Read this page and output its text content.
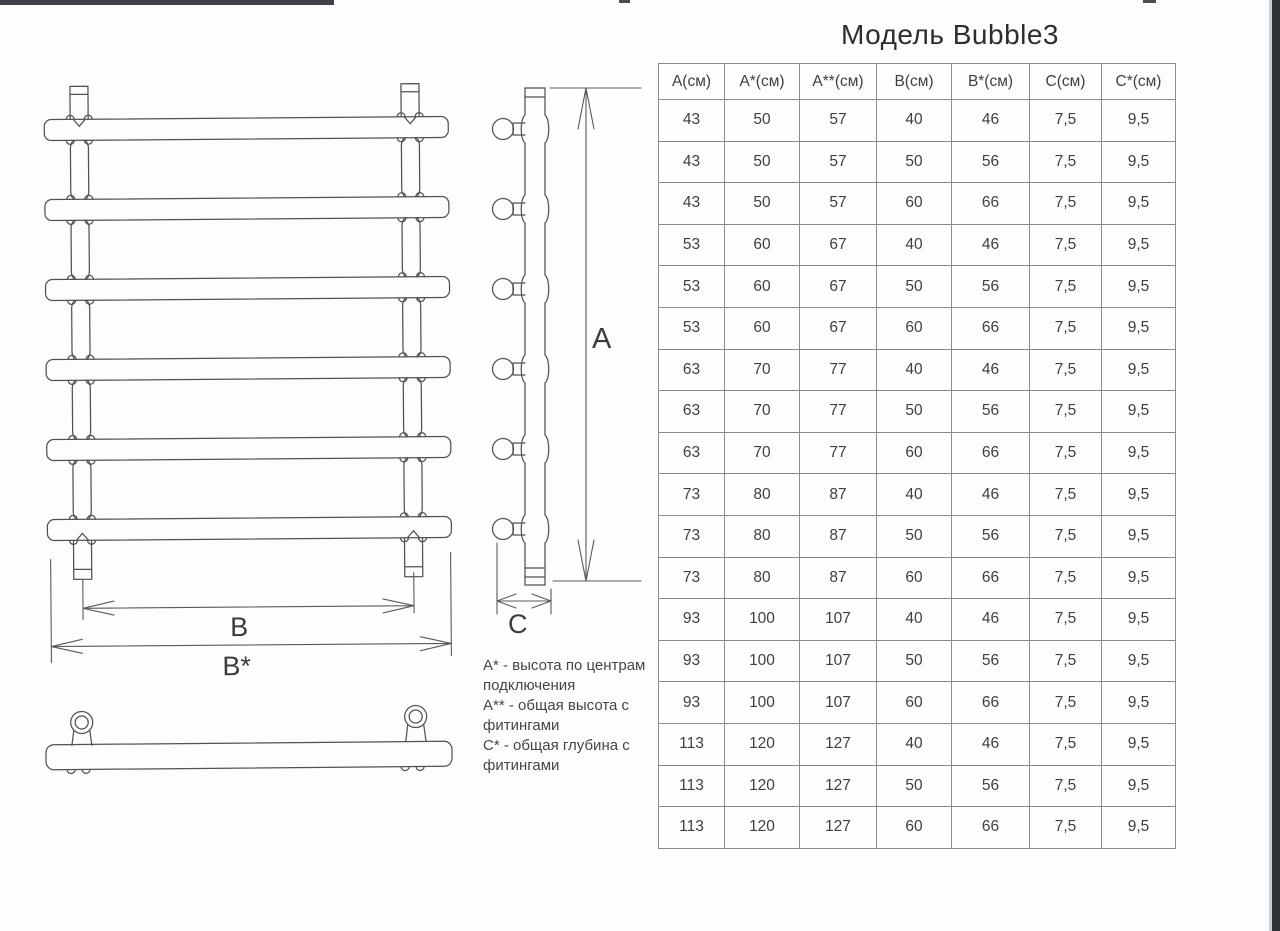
В
В*
А
С
Модель Bubble3

А* - высота по центрам подключения

А** - общая высота с фитингами

С* - общая глубина с фитингами

А(см)	А*(см)	А**(см)	В(см)	В*(см)	С(см)	С*(см)
43	50	57	40	46	7,5	9,5
43	50	57	50	56	7,5	9,5
43	50	57	60	66	7,5	9,5
53	60	67	40	46	7,5	9,5
53	60	67	50	56	7,5	9,5
53	60	67	60	66	7,5	9,5
63	70	77	40	46	7,5	9,5
63	70	77	50	56	7,5	9,5
63	70	77	60	66	7,5	9,5
73	80	87	40	46	7,5	9,5
73	80	87	50	56	7,5	9,5
73	80	87	60	66	7,5	9,5
93	100	107	40	46	7,5	9,5
93	100	107	50	56	7,5	9,5
93	100	107	60	66	7,5	9,5
113	120	127	40	46	7,5	9,5
113	120	127	50	56	7,5	9,5
113	120	127	60	66	7,5	9,5
